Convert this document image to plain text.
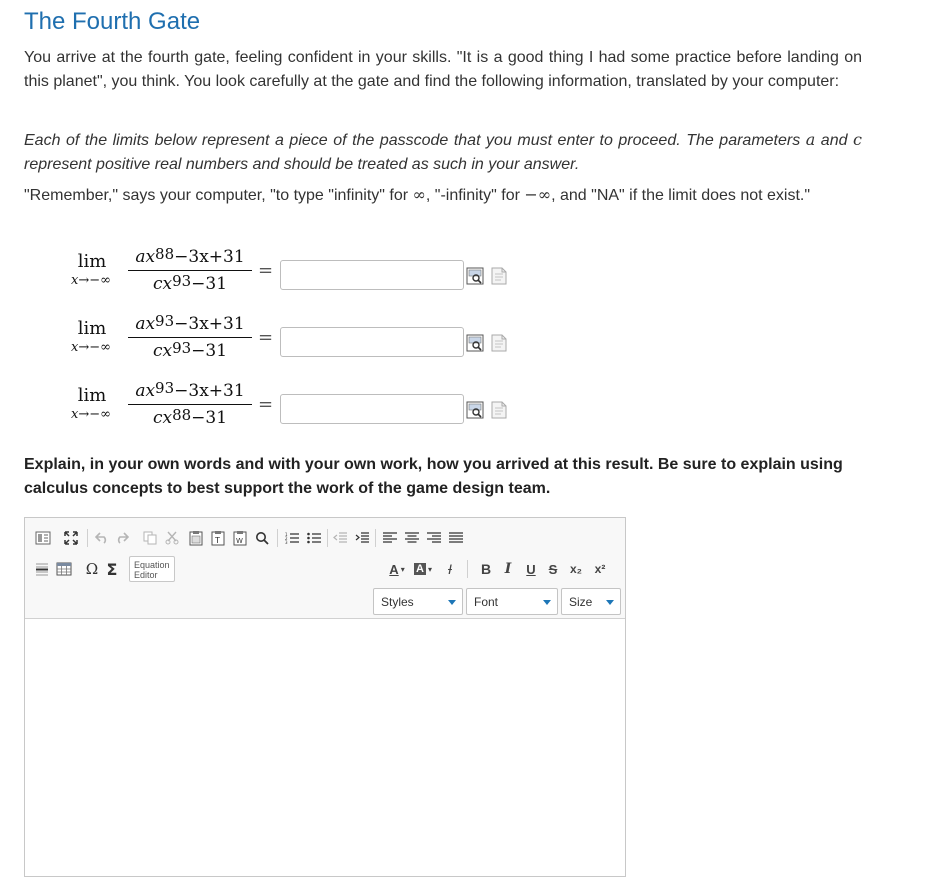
The Fourth Gate

You arrive at the fourth gate, feeling confident in your skills. "It is a good thing I had some practice before landing on this planet", you think. You look carefully at the gate and find the following information, translated by your computer:

Each of the limits below represent a piece of the passcode that you must enter to proceed. The parameters a and c represent positive real numbers and should be treated as such in your answer.

"Remember," says your computer, "to type "infinity" for ∞, "-infinity" for −∞, and "NA" if the limit does not exist."

lim
x→−∞	$\frac{ax^{88}-3x+31}{cx^{93}-31}$ =
lim
x→−∞	$\frac{ax^{93}-3x+31}{cx^{93}-31}$ =
lim
x→−∞	$\frac{ax^{93}-3x+31}{cx^{88}-31}$ =

Explain, in your own words and with your own work, how you arrived at this result. Be sure to explain using calculus concepts to best support the work of the game design team.

T W
1
2
3
Ω Σ	Equation
Editor	A ▾ A ▾ I B I	U S	x₂	x²
Styles	Font	Size
